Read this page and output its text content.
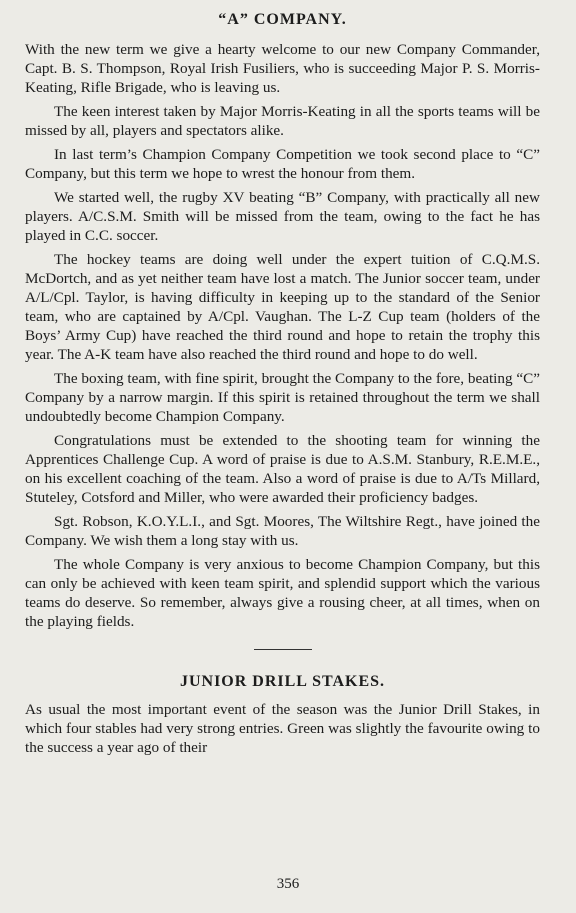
“A” COMPANY.

With the new term we give a hearty welcome to our new Company Commander, Capt. B. S. Thompson, Royal Irish Fusiliers, who is succeeding Major P. S. Morris-Keating, Rifle Brigade, who is leaving us.

The keen interest taken by Major Morris-Keating in all the sports teams will be missed by all, players and spectators alike.

In last term’s Champion Company Competition we took second place to “C” Company, but this term we hope to wrest the honour from them.

We started well, the rugby XV beating “B” Company, with practically all new players. A/C.S.M. Smith will be missed from the team, owing to the fact he has played in C.C. soccer.

The hockey teams are doing well under the expert tuition of C.Q.M.S. McDortch, and as yet neither team have lost a match. The Junior soccer team, under A/L/Cpl. Taylor, is having difficulty in keeping up to the standard of the Senior team, who are captained by A/Cpl. Vaughan. The L-Z Cup team (holders of the Boys’ Army Cup) have reached the third round and hope to retain the trophy this year. The A-K team have also reached the third round and hope to do well.

The boxing team, with fine spirit, brought the Company to the fore, beating “C” Company by a narrow margin. If this spirit is retained throughout the term we shall undoubtedly become Champion Company.

Congratulations must be extended to the shooting team for winning the Apprentices Challenge Cup. A word of praise is due to A.S.M. Stanbury, R.E.M.E., on his excellent coaching of the team. Also a word of praise is due to A/Ts Millard, Stuteley, Cotsford and Miller, who were awarded their proficiency badges.

Sgt. Robson, K.O.Y.L.I., and Sgt. Moores, The Wiltshire Regt., have joined the Company. We wish them a long stay with us.

The whole Company is very anxious to become Champion Company, but this can only be achieved with keen team spirit, and splendid support which the various teams do deserve. So remember, always give a rousing cheer, at all times, when on the playing fields.

JUNIOR DRILL STAKES.

As usual the most important event of the season was the Junior Drill Stakes, in which four stables had very strong entries. Green was slightly the favourite owing to the success a year ago of their

356
